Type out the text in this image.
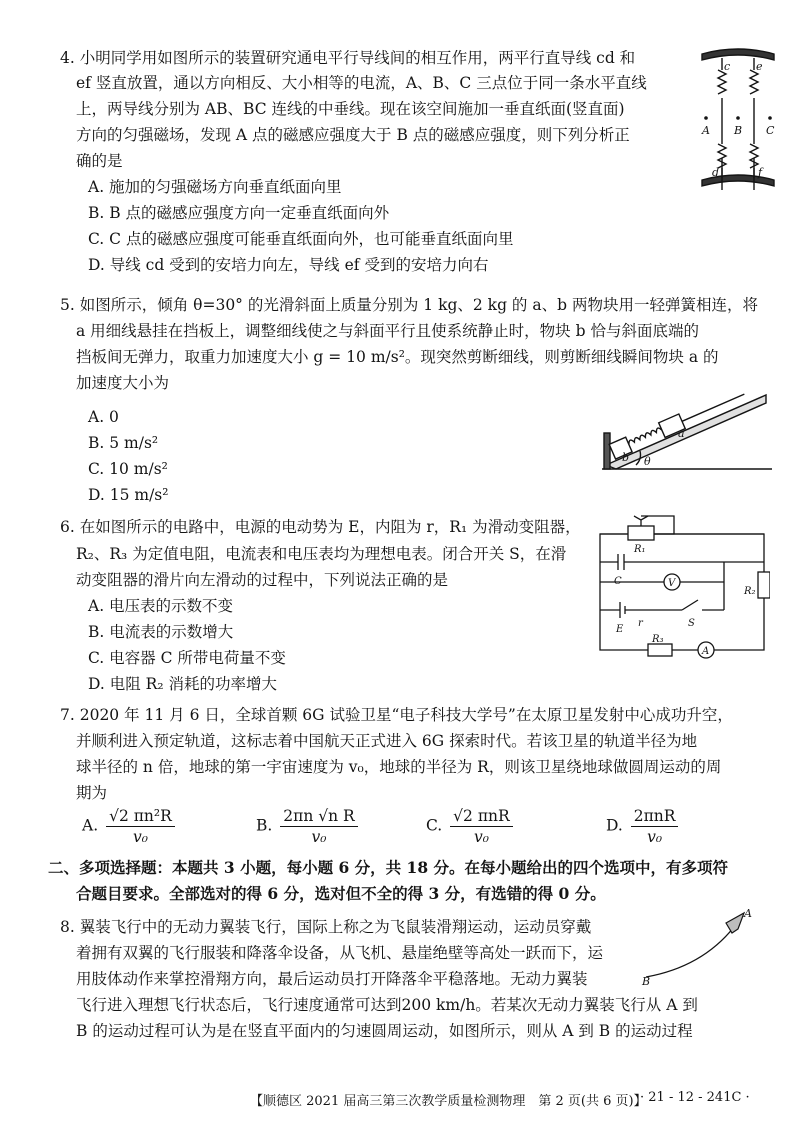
4. 小明同学用如图所示的装置研究通电平行导线间的相互作用，两平行直导线 cd 和
ef 竖直放置，通以方向相反、大小相等的电流，A、B、C 三点位于同一条水平直线
上，两导线分别为 AB、BC 连线的中垂线。现在该空间施加一垂直纸面(竖直面)
方向的匀强磁场，发现 A 点的磁感应强度大于 B 点的磁感应强度，则下列分析正
确的是
A. 施加的匀强磁场方向垂直纸面向里
B. B 点的磁感应强度方向一定垂直纸面向外
C. C 点的磁感应强度可能垂直纸面向外，也可能垂直纸面向里
D. 导线 cd 受到的安培力向左，导线 ef 受到的安培力向右
c e
d	f
A B C
5. 如图所示，倾角 θ=30° 的光滑斜面上质量分别为 1 kg、2 kg 的 a、b 两物块用一轻弹簧相连，将
a 用细线悬挂在挡板上，调整细线使之与斜面平行且使系统静止时，物块 b 恰与斜面底端的
挡板间无弹力，取重力加速度大小 g = 10 m/s²。现突然剪断细线，则剪断细线瞬间物块 a 的
加速度大小为
A. 0
B. 5 m/s²
C. 10 m/s²
D. 15 m/s²
b
a
θ
6. 在如图所示的电路中，电源的电动势为 E，内阻为 r，R₁ 为滑动变阻器，
R₂、R₃ 为定值电阻，电流表和电压表均为理想电表。闭合开关 S，在滑
动变阻器的滑片向左滑动的过程中，下列说法正确的是
A. 电压表的示数不变
B. 电流表的示数增大
C. 电容器 C 所带电荷量不变
D. 电阻 R₂ 消耗的功率增大
R₁
R₂
R₃
C	V
A
E
r	S
7. 2020 年 11 月 6 日，全球首颗 6G 试验卫星“电子科技大学号”在太原卫星发射中心成功升空，
并顺利进入预定轨道，这标志着中国航天正式进入 6G 探索时代。若该卫星的轨道半径为地
球半径的 n 倍，地球的第一宇宙速度为 v₀，地球的半径为 R，则该卫星绕地球做圆周运动的周
期为
A. $\frac{\text{√2 πn²R}}{\text{v₀}}$	B. $\frac{\text{2πn √n R}}{\text{v₀}}$	C. $\frac{\text{√2 πnR}}{\text{v₀}}$	D. $\frac{\text{2πnR}}{\text{v₀}}$
二、多项选择题：本题共 3 小题，每小题 6 分，共 18 分。在每小题给出的四个选项中，有多项符
合题目要求。全部选对的得 6 分，选对但不全的得 3 分，有选错的得 0 分。
8. 翼装飞行中的无动力翼装飞行，国际上称之为飞鼠装滑翔运动，运动员穿戴
着拥有双翼的飞行服装和降落伞设备，从飞机、悬崖绝壁等高处一跃而下，运
用肢体动作来掌控滑翔方向，最后运动员打开降落伞平稳落地。无动力翼装
飞行进入理想飞行状态后，飞行速度通常可达到200 km/h。若某次无动力翼装飞行从 A 到
B 的运动过程可认为是在竖直平面内的匀速圆周运动，如图所示，则从 A 到 B 的运动过程
A
B
【顺德区 2021 届高三第三次教学质量检测物理　第 2 页(共 6 页)】
· 21 - 12 - 241C ·
